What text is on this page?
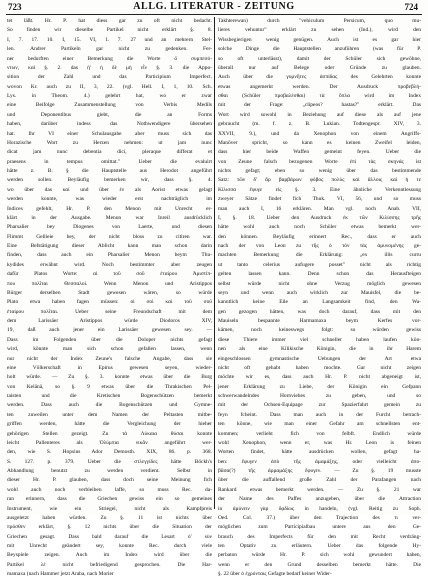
723	ALLG. LITERATUR - ZEITUNG	724
tet läßt. Hr. P. hat diess gar zu oft nicht bedacht.
So finden wir dieselbe Partikel nicht erklärt §. 8.
I, 7. 17. 10. I, 15. VI, 1. 7. 27 und an mehrern Stel-
len. Andrer Partikeln gar nicht zu gedenken. Fer-
ner bedurften einer Bemerkung die Worte ö συμπεσό-
ντων, καί §. 2. das ή' ή δὲ μὴ εἶν §. 3. die Appo-
sition der Zahl und das Participium Imperfect.
wovon Kr. auch zu II, 3, 22. (vgl. Hell. I, 1, 10. Sch.
Lys. in Theom. 4.) gelehrt hat, wo er zwar
eine Beifolge Zusammenstellung von Verbis Medils
und Deponentibus giebt, die an Forms
haben, darüber indess das Nothwendigere übersehen
hat. Ihr VI einer Schulausgabe aber muss sich das
Horazische Wort zu Herzen nehmen: ut jam nunc
dicat jam nunc debentia dici, pleraque differat et
praesens in tempus omittat." Ueber die evaluirt
hätte z. B. § die Hauptstelle aus Herodot angeführt
werden sollen. Beyläufig bemerken wir, dass §. 4.
wo über das καί und über ἐν als Aorist etwas gelagt
werden konnte, was wieder erst nachträglich im
Indices gefehlt, Hr. P. den Menon mit Unrecht er-
klärt in der Ausgabe. Menon war Inreil ausdrücklich
Pharsalier bey Diogenes von Laerte, und diesen
Flimmt Gellieie bey, der nicht bloss zu citiren war.
Eine Befstätigung dieser Ablicht kann man schon darin
finden, dass auch ein Pharsalier Menon beym Thu-
kydides erwähnt wird. Noch bestimmter aber zeugen
dafür Platos Worte: αἱ τοῦ σοῦ ἑταίρου Ἀριστίπ-
που πολῖται Θεσσαλοί. Wenn Menon und Aristippos
Bürger derselben Stadt gewesen wären, so würde
Plato etwa haben fagen müssen: οἱ σοὶ καὶ τοῦ σοῦ
ἑταίρου πολῖται. Ueber seine Freundschaft mit dem
dem Larissäer Aristippos würde Diodoros XIV,
19, daß auch jener ein Larissäer gewesen sey. —
Dass im Folgenden über die Doloper nichts gefagt
wird, könnte man sich schon gefallen lassen, wenn
nur nicht der Index Zeune's falsche Angabe, dass sie
eine Völkerschaft in Epirus gewesen seyen, wieder-
holt würde. — Zu §. 3. konnte etwas über die Burg
von Kelänä, so §. 9 etwas über die Thrakischen Pel-
taisten und die Kretischen Bogenschützen bemerkt
werden. Dass auch die Bogenschützen und Gymne-
ten zuweilen unter dem Namen der Peltasten mitbe-
griffen werden, hätte die Vergleichung der hieher
gehörigen Stellen gezeigt. Zu τὰ Λύκαια θύσαι konnte
leicht Pallenteres als Ὀλύμπια νικᾶν angeführt wer-
den, wie S. Hopsius Ador Demosth. XIX, 86. p. 368.
S. 127. p. 379. Ueber die στλεγγίδες hätte Böckh's
Abhandlung benutzt zu werden verdient. Selbst in
dieser Hr. P. glauben, dass doch seine Meinung fich
wohl auch noch verbleiben laffe, so muss Rec. da-
ran erinnern, dass die Griechen gewiss ein so gemeines
Instrument, wie ein Striegel, nicht als Kampfpreis
ausgeletzt haben würden. Zu §. 11 ist nichts über
πρόσθεν erklärt, §. 12 nichts über die Situation der
Griechen gesagt. Dass bald darauf die Lesart ὁ' sὺν
mit Unrecht geändert sey, konnte Rec. durch viele
Beyspiele zeigen. Auch im Index wird über die
Partikel λὲ nicht befriedigend gesprochen. Die Har-
mamaxa (nach Hammer jetzt Araba, nach Morier
Takhterewan) durch "vehiculum Persicum, quo mu-
lieres vehuntur" erklärt zu sehen (Ind.), wird den
Wissbegierigen wenig genügen. Auch ist es gar hier
solche Dinge die Hauptstellen anzuführen (was für P.
so oft unterlässt), damit der Schüler sich gewöhne,
überall nur auf Belege oder Gründe zu glauben.
Auch über die γυμνῆτες ἀσπίδας des Gelehrten konnte
etwas angemerkt werden. Der Ausdruck πρoβεβλή-
σθαι (Schüler προβαλέσθαι) τὰ ὅπλα wird im Index
mit der Frage: „clipeos? hastas?" erklärt. Das
Wort wird sowohl in Beziehung auf diese als auf jene
gebraucht (m. f. z. B. Lukian. Todtengespr. XIV, 3.
XXVII, 9.), und da Xenophon von einem Angriffs-
Manöver spricht, so kann es keinen Zweifel leiden,
dass hier beide Waffen gemeint feyen. Ueber die
von Zeune falsch bezogenen Worte ἐπὶ τὰς σκηνάς ist
nichts gefagt; eben so wenig über das bestimmende
Satz: τῶν δ' ἄρ βαρβάρων φόβος πολὺς καὶ ἄλλοις καὶ ἡ τε
Κίλισσα ἔφυγε εἰς §. 3. Eine ähnliche Verkenntlessung
zweyer Sätze findet fich Thuk. VI, 56, und so muss
man auch I, 16 erklären. Man vgl. noch Anab. VII,
I, §. 18. Ueber den Ausdruck ἐκ τῶν Κιλίσσης τρῆς
hätte wohl auch noch Schüler etwas bemerkt wer-
den können. Beyläufig erinnert Rec., dass er auch
nach der von Leon zu τῆς ὁ τὸν τὰς ἁμυνομένης ge-
machten Bemerkung die Erklärung: „ex illis curru
ut tanto celerius aufugere posset" nicht als richtig
gelten lassen kann. Denn schon das Herausfteigen
selbst würde nicht ohne Verzug möglich gewesen
seyn und wenn auch wirklich zur Mauisfel, die be-
kanntlich keine Eile an Langsamkeit find, den Wa-
gen gezogen hätten, was doch darauf, dass mit den
Mauiseln bespannte Harmamaxa beym Kerfes vor-
kämen, noch keineswegs folgt: so würden gewiss
diese Thiere immer viel schneller haben laufen kön-
nen als eine Kilikische Königin, die in ihr Harem
eingeschlossen gymnastische Uebungen der Art etwa
nicht oft gehabt haben mochte. Gar nicht zeigen
möchte wir es, dass auch Hr. P. nicht abgeneigt ist,
jener Erklärung zu Liebe, der Königin ein Gefpann
schwerwandelndes Hornviehes zu geben, und so
mit der Ochsen-Equipage zur Spazierfahrt gemein zu
feyn fcheint. Dass man auch in der Furcht betrach-
ten könne, wie man einer Gefahr am schnellsten ent-
kommen; verlieht fich von felbft. Endlich würde
wohl Xenophon, wenn er, was Hr. Leon is feinen
Worten findet, hätte ausdrücken wollen, gefagt ha-
ben: ἔφυγεν ἀπὸ τῆς ἁμαμάξης, oder vielleicht ἀπο-
βᾶσα(?) τῆς ἁρμαμάξης ἔφυγεν. — Zu §. 19 musste
über die auffallend große Zahl der Parafangen nach
Rankard etwas bemerkt werden. — Zu §. 21 war
der Name des Paffes anzugeben, über die Attraction
in ἀμύνειν γὰρ δᾳδίως in handeln, (vgl. Reitig zu Soph.
Oed. Col. 37.) über den Trajection des τι ver-
möglichen zum Participialbau untere aus den Ge-
brauch des Imperfects für den mit Recht verdräng-
ten Optativ zu erläutern. Ueber das folgende Hy-
perbaton würde Hr. P. sich wohl gewundert haben,
wenn er den Grund desselben bemerkt hätte. Die
§. 22 über ὁ ἐχρόνταις Gefagte bedarf keiner Wider-
